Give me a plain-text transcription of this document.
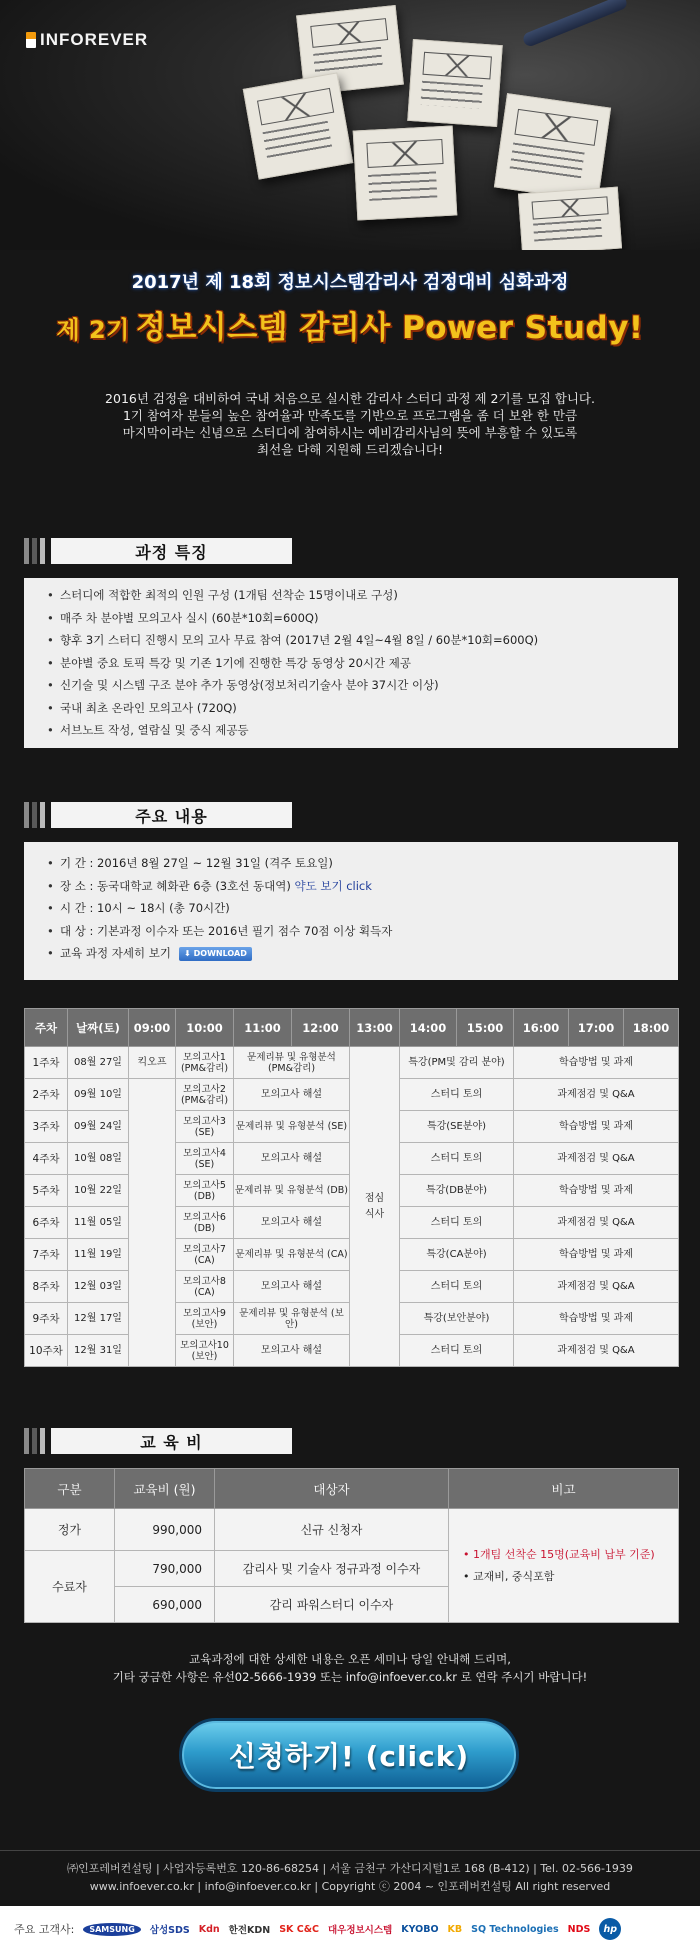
INFOREVER
2017년 제 18회 정보시스템감리사 검정대비 심화과정
제 2기 정보시스템 감리사 Power Study!
2016년 검정을 대비하여 국내 처음으로 실시한 감리사 스터디 과정 제 2기를 모집 합니다.
1기 참여자 분들의 높은 참여율과 만족도를 기반으로 프로그램을 좀 더 보완 한 만큼
마지막이라는 신념으로 스터디에 참여하시는 예비감리사님의 뜻에 부흥할 수 있도록
최선을 다해 지원해 드리겠습니다!
과정 특징
• 스터디에 적합한 최적의 인원 구성 (1개팀 선착순 15명이내로 구성)
• 매주 차 분야별 모의고사 실시 (60분*10회=600Q)
• 향후 3기 스터디 진행시 모의 고사 무료 참여 (2017년 2월 4일~4월 8일 / 60분*10회=600Q)
• 분야별 중요 토픽 특강 및 기존 1기에 진행한 특강 동영상 20시간 제공
• 신기술 및 시스템 구조 분야 추가 동영상(정보처리기술사 분야 37시간 이상)
• 국내 최초 온라인 모의고사 (720Q)
• 서브노트 작성, 열람실 및 중식 제공등
주요 내용
• 기 간 : 2016년 8월 27일 ~ 12월 31일 (격주 토요일)
• 장 소 : 동국대학교 혜화관 6층 (3호선 동대역) 약도 보기 click
• 시 간 : 10시 ~ 18시 (총 70시간)
• 대 상 : 기본과정 이수자 또는 2016년 필기 점수 70점 이상 획득자
• 교육 과정 자세히 보기 ⬇ DOWNLOAD
주차	날짜(토)	09:00	10:00	11:00	12:00	13:00	14:00	15:00	16:00	17:00	18:00
1주차	08월 27일	킥오프	모의고사1 (PM&감리)	문제리뷰 및 유형분석 (PM&감리)		점심 식사	특강(PM및 감리 분야)		학습방법 및 과제		
2주차	09월 10일		모의고사2 (PM&감리)	모의고사 해설			스터디 토의		과제점검 및 Q&A		
3주차	09월 24일		모의고사3 (SE)	문제리뷰 및 유형분석 (SE)			특강(SE분야)		학습방법 및 과제		
4주차	10월 08일		모의고사4 (SE)	모의고사 해설			스터디 토의		과제점검 및 Q&A		
5주차	10월 22일		모의고사5 (DB)	문제리뷰 및 유형분석 (DB)			특강(DB분야)		학습방법 및 과제		
6주차	11월 05일		모의고사6 (DB)	모의고사 해설			스터디 토의		과제점검 및 Q&A		
7주차	11월 19일		모의고사7 (CA)	문제리뷰 및 유형분석 (CA)			특강(CA분야)		학습방법 및 과제		
8주차	12월 03일		모의고사8 (CA)	모의고사 해설			스터디 토의		과제점검 및 Q&A		
9주차	12월 17일		모의고사9 (보안)	문제리뷰 및 유형분석 (보안)			특강(보안분야)		학습방법 및 과제		
10주차	12월 31일		모의고사10 (보안)	모의고사 해설			스터디 토의		과제점검 및 Q&A		
교 육 비
구분	교육비 (원)	대상자	비고
정가	990,000	신규 신청자	• 1개팀 선착순 15명(교육비 납부 기준)
• 교재비, 중식포함

수료자	790,000	감리사 및 기술사 정규과정 이수자	
	690,000	감리 파워스터디 이수자	
교육과정에 대한 상세한 내용은 오픈 세미나 당일 안내해 드리며,
기타 궁금한 사항은 유선02-5666-1939 또는 info@infoever.co.kr 로 연락 주시기 바랍니다!
신청하기! (click)
㈜인포레버컨설팅 | 사업자등록번호 120-86-68254 | 서울 금천구 가산디지털1로 168 (B-412) | Tel. 02-566-1939
www.infoever.co.kr | info@infoever.co.kr | Copyright ⓒ 2004 ~ 인포레버컨설팅 All right reserved
주요 고객사:	SAMSUNG	삼성SDS Kdn 한전KDN SK C&C 대우정보시스템 KYOBO KB SQ Technologies NDS	hp
